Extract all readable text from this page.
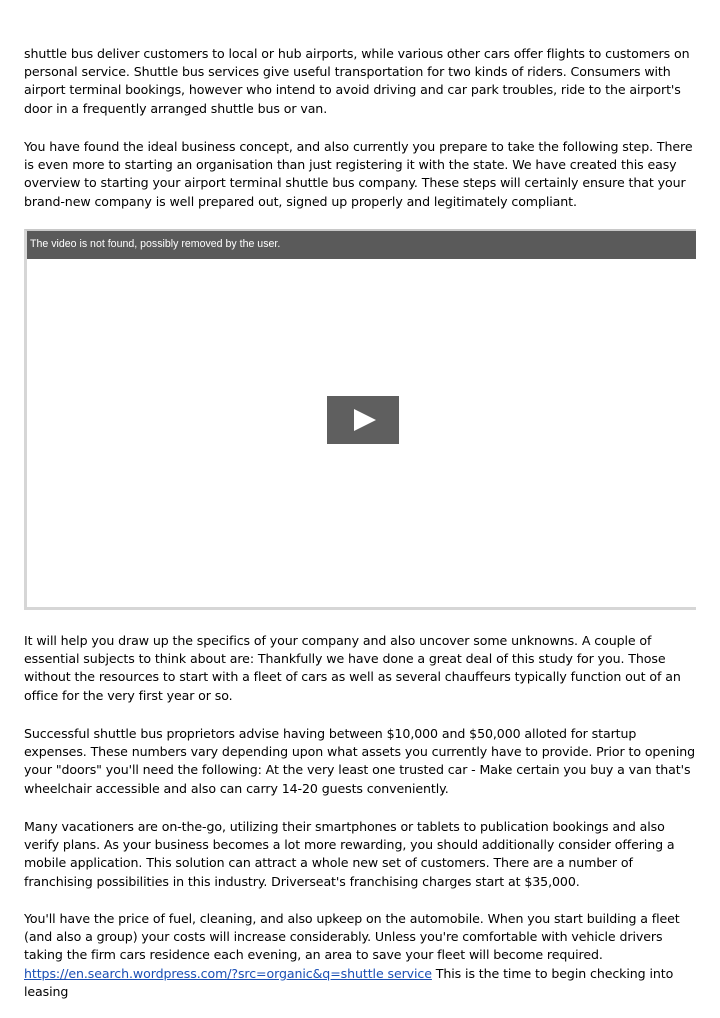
shuttle bus deliver customers to local or hub airports, while various other cars offer flights to customers on personal service. Shuttle bus services give useful transportation for two kinds of riders. Consumers with airport terminal bookings, however who intend to avoid driving and car park troubles, ride to the airport's door in a frequently arranged shuttle bus or van.

You have found the ideal business concept, and also currently you prepare to take the following step. There is even more to starting an organisation than just registering it with the state. We have created this easy overview to starting your airport terminal shuttle bus company. These steps will certainly ensure that your brand-new company is well prepared out, signed up properly and legitimately compliant.

The video is not found, possibly removed by the user.

It will help you draw up the specifics of your company and also uncover some unknowns. A couple of essential subjects to think about are: Thankfully we have done a great deal of this study for you. Those without the resources to start with a fleet of cars as well as several chauffeurs typically function out of an office for the very first year or so.

Successful shuttle bus proprietors advise having between $10,000 and $50,000 alloted for startup expenses. These numbers vary depending upon what assets you currently have to provide. Prior to opening your "doors" you'll need the following: At the very least one trusted car - Make certain you buy a van that's wheelchair accessible and also can carry 14-20 guests conveniently.

Many vacationers are on-the-go, utilizing their smartphones or tablets to publication bookings and also verify plans. As your business becomes a lot more rewarding, you should additionally consider offering a mobile application. This solution can attract a whole new set of customers. There are a number of franchising possibilities in this industry. Driverseat's franchising charges start at $35,000.

You'll have the price of fuel, cleaning, and also upkeep on the automobile. When you start building a fleet (and also a group) your costs will increase considerably. Unless you're comfortable with vehicle drivers taking the firm cars residence each evening, an area to save your fleet will become required.
https://en.search.wordpress.com/?src=organic&q=shuttle service This is the time to begin checking into leasing
